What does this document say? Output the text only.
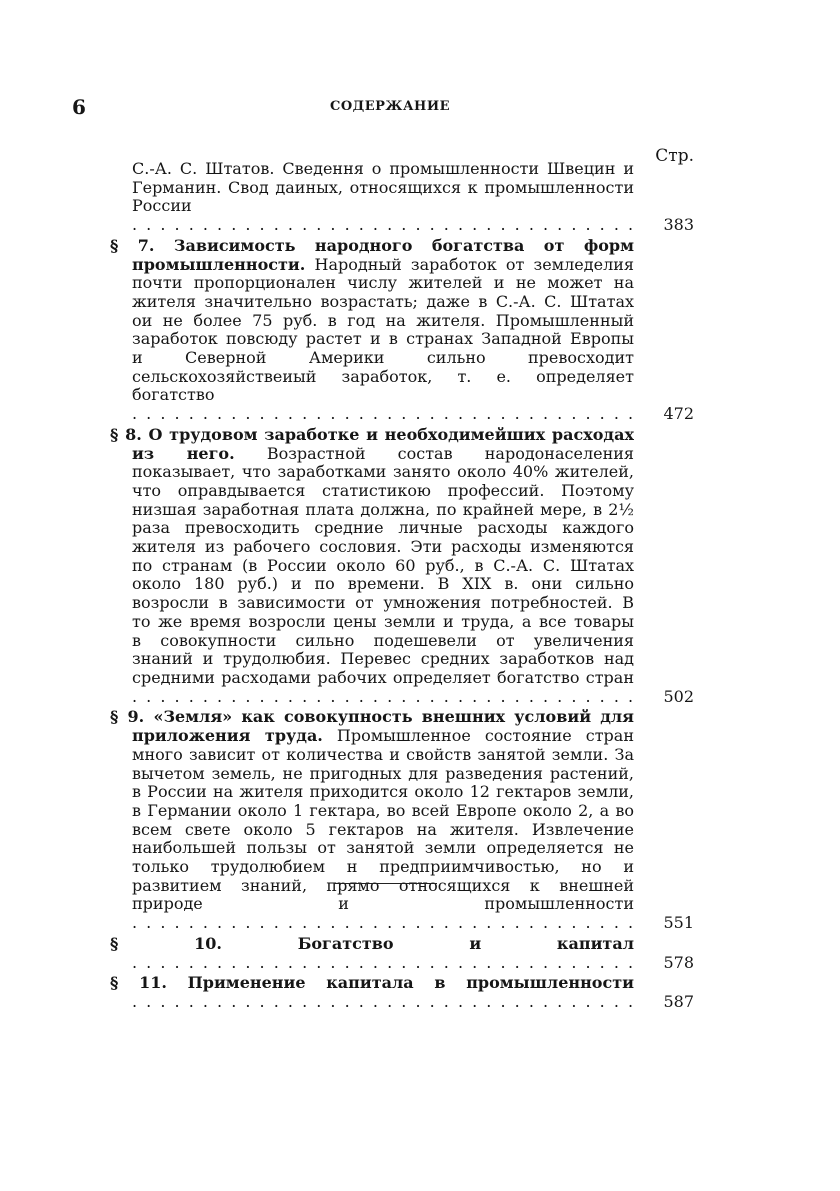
6	СОДЕРЖАНИЕ
Стр.

С.-А. С. Штатов. Сведення о промышленности Швецин и Германин. Свод даиных, относящихся к промышленности России . . .

383

§ 7. Зависимость народного богатства от форм промышленности. Народный заработок от земледелия почти пропорционален числу жителей и не может на жителя значительно возрастать; даже в С.-А. С. Штатах ои не более 75 руб. в год на жителя. Промышленный заработок повсюду растет и в странах Западной Европы и Северной Америки сильно превосходит сельскохозяйствеиый заработок, т. е. определяет богатство . . .

472

§ 8. О трудовом заработке и необходимейших расходах из него. Возрастной состав народонаселения показывает, что заработками занято около 40% жителей, что оправдывается статистикою профессий. Поэтому низшая заработная плата должна, по крайней мере, в 2½ раза превосходить средние личные расходы каждого жителя из рабочего сословия. Эти расходы изменяются по странам (в России около 60 руб., в С.-А. С. Штатах около 180 руб.) и по времени. В XIX в. они сильно возросли в зависимости от умножения потребностей. В то же время возросли цены земли и труда, а все товары в совокупности сильно подешевели от увеличения знаний и трудолюбия. Перевес средних заработков над средними расходами рабочих определяет богатство стран . . .

502

§ 9. «Земля» как совокупность внешних условий для приложения труда. Промышленное состояние стран много зависит от количества и свойств занятой земли. За вычетом земель, не пригодных для разведения растений, в России на жителя приходится около 12 гектаров земли, в Германии около 1 гектара, во всей Европе около 2, а во всем свете около 5 гектаров на жителя. Извлечение наибольшей пользы от занятой земли определяется не только трудолюбием н предприимчивостью, но и развитием знаний, прямо относящихся к внешней природе и промышленности . . .

551

§ 10.	Богатство и капитал . . .

578

§ 11. Применение капитала в промышленности . . .

587
